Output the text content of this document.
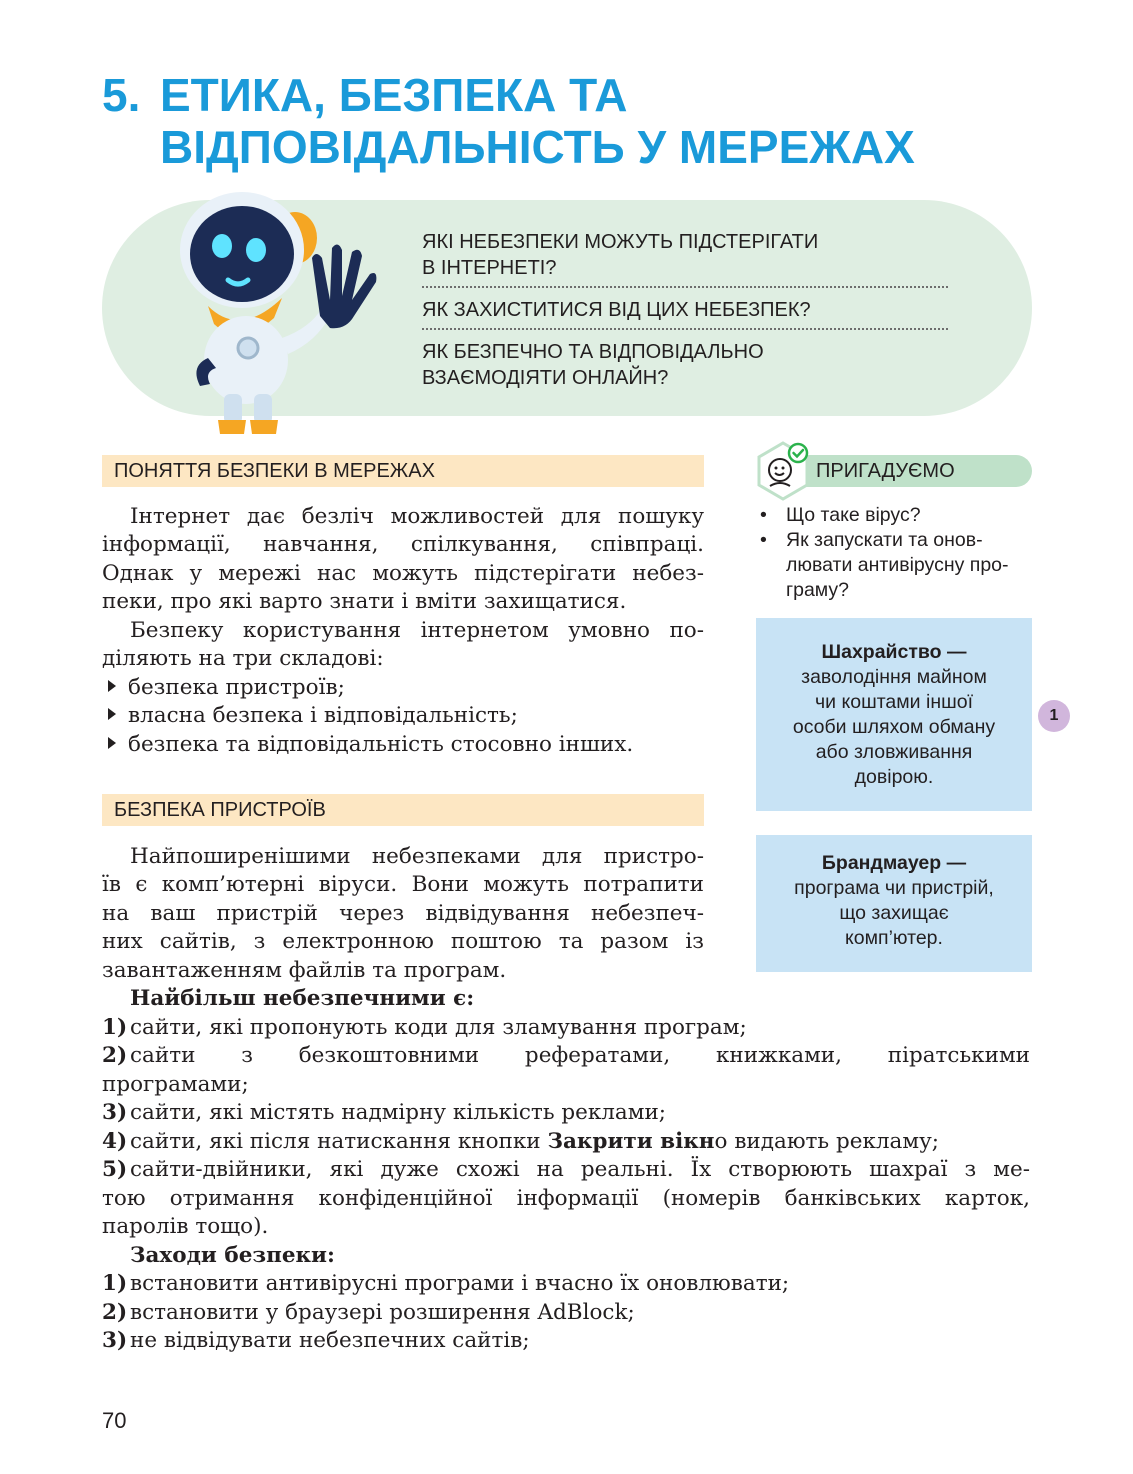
5. ЕТИКА, БЕЗПЕКА ТА
ВІДПОВІДАЛЬНІСТЬ У МЕРЕЖАХ
ЯКІ НЕБЕЗПЕКИ МОЖУТЬ ПІДСТЕРІГАТИ
В ІНТЕРНЕТІ?
ЯК ЗАХИСТИТИСЯ ВІД ЦИХ НЕБЕЗПЕК?
ЯК БЕЗПЕЧНО ТА ВІДПОВІДАЛЬНО
ВЗАЄМОДІЯТИ ОНЛАЙН?
ПОНЯТТЯ БЕЗПЕКИ В МЕРЕЖАХ
Інтернет дає безліч можливостей для пошуку
інформації, навчання, спілкування, співпраці.
Однак у мережі нас можуть підстерігати небез-
пеки, про які варто знати і вміти захищатися.
Безпеку користування інтернетом умовно по-
діляють на три складові:
безпека пристроїв;
власна безпека і відповідальність;
безпека та відповідальність стосовно інших.
БЕЗПЕКА ПРИСТРОЇВ
Найпоширенішими небезпеками для пристро-
їв є комп’ютерні віруси. Вони можуть потрапити
на ваш пристрій через відвідування небезпеч-
них сайтів, з електронною поштою та разом із
завантаженням файлів та програм.
Найбільш небезпечними є:
1) сайти, які пропонують коди для зламування програм;
2) сайти з безкоштовними рефератами, книжками, піратськими
програмами;
3) сайти, які містять надмірну кількість реклами;
4) сайти, які після натискання кнопки Закрити вікно видають рекламу;
5) сайти-двійники, які дуже схожі на реальні. Їх створюють шахраї з ме-
тою отримання конфіденційної інформації (номерів банківських карток,
паролів тощо).
Заходи безпеки:
1) встановити антивірусні програми і вчасно їх оновлювати;
2) встановити у браузері розширення AdBlock;
3) не відвідувати небезпечних сайтів;
ПРИГАДУЄМО
• Що таке вірус?
• Як запускати та онов-
лювати антивірусну про-
граму?
Шахрайство —
заволодіння майном
чи коштами іншої
особи шляхом обману
або зловживання
довірою.
1
Брандмауер —
програма чи пристрій,
що захищає
комп’ютер.
70
